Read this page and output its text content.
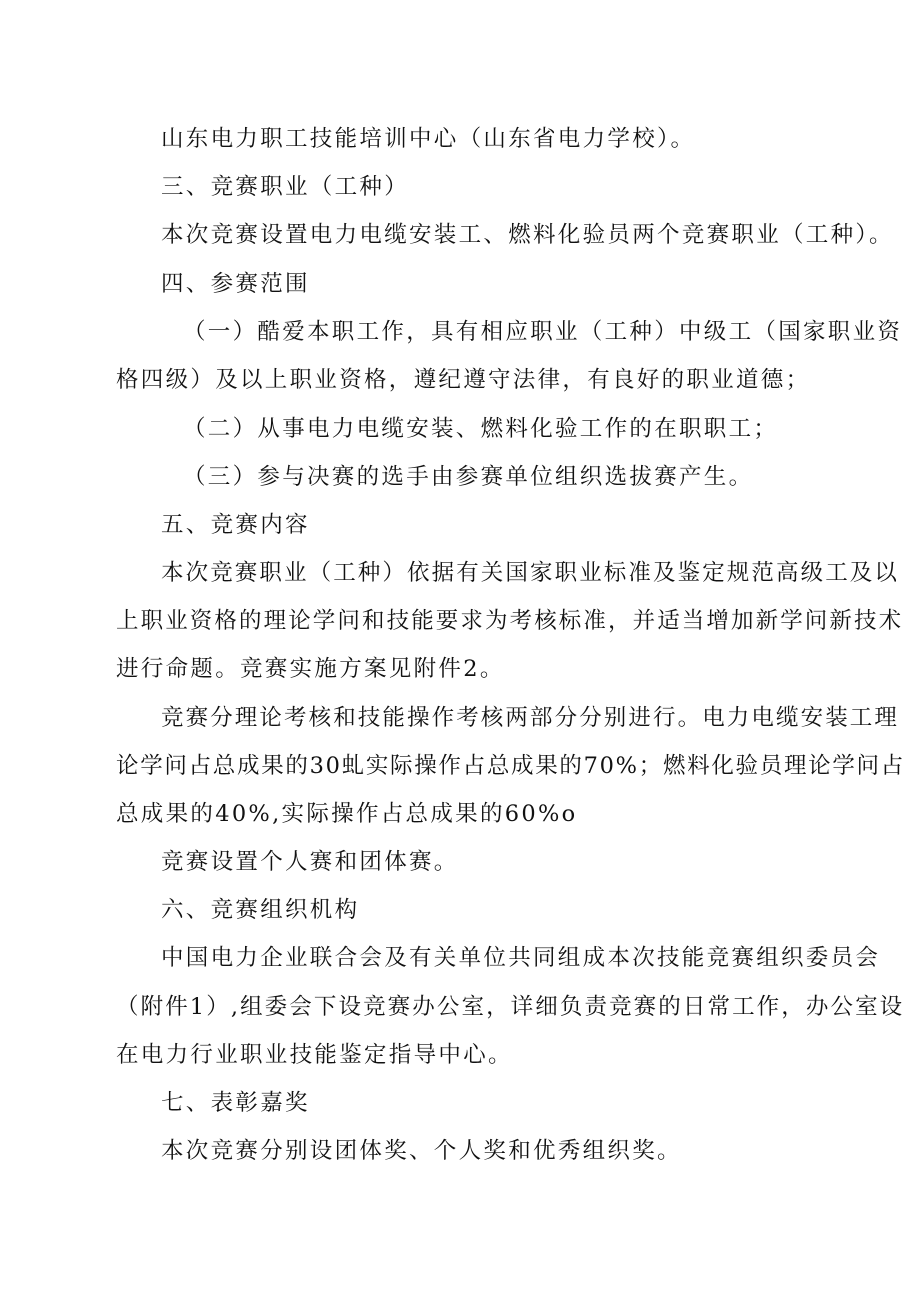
山东电力职工技能培训中心（山东省电力学校）。
三、竞赛职业（工种）
本次竞赛设置电力电缆安装工、燃料化验员两个竞赛职业（工种）。
四、参赛范围
（一）酷爱本职工作，具有相应职业（工种）中级工（国家职业资
格四级）及以上职业资格，遵纪遵守法律，有良好的职业道德；
（二）从事电力电缆安装、燃料化验工作的在职职工；
（三）参与决赛的选手由参赛单位组织选拔赛产生。
五、竞赛内容
本次竞赛职业（工种）依据有关国家职业标准及鉴定规范高级工及以
上职业资格的理论学问和技能要求为考核标准，并适当增加新学问新技术
进行命题。竞赛实施方案见附件2。
竞赛分理论考核和技能操作考核两部分分别进行。电力电缆安装工理
论学问占总成果的30虬实际操作占总成果的70%；燃料化验员理论学问占
总成果的40%,实际操作占总成果的60%o
竞赛设置个人赛和团体赛。
六、竞赛组织机构
中国电力企业联合会及有关单位共同组成本次技能竞赛组织委员会
（附件1）,组委会下设竞赛办公室，详细负责竞赛的日常工作，办公室设
在电力行业职业技能鉴定指导中心。
七、表彰嘉奖
本次竞赛分别设团体奖、个人奖和优秀组织奖。
